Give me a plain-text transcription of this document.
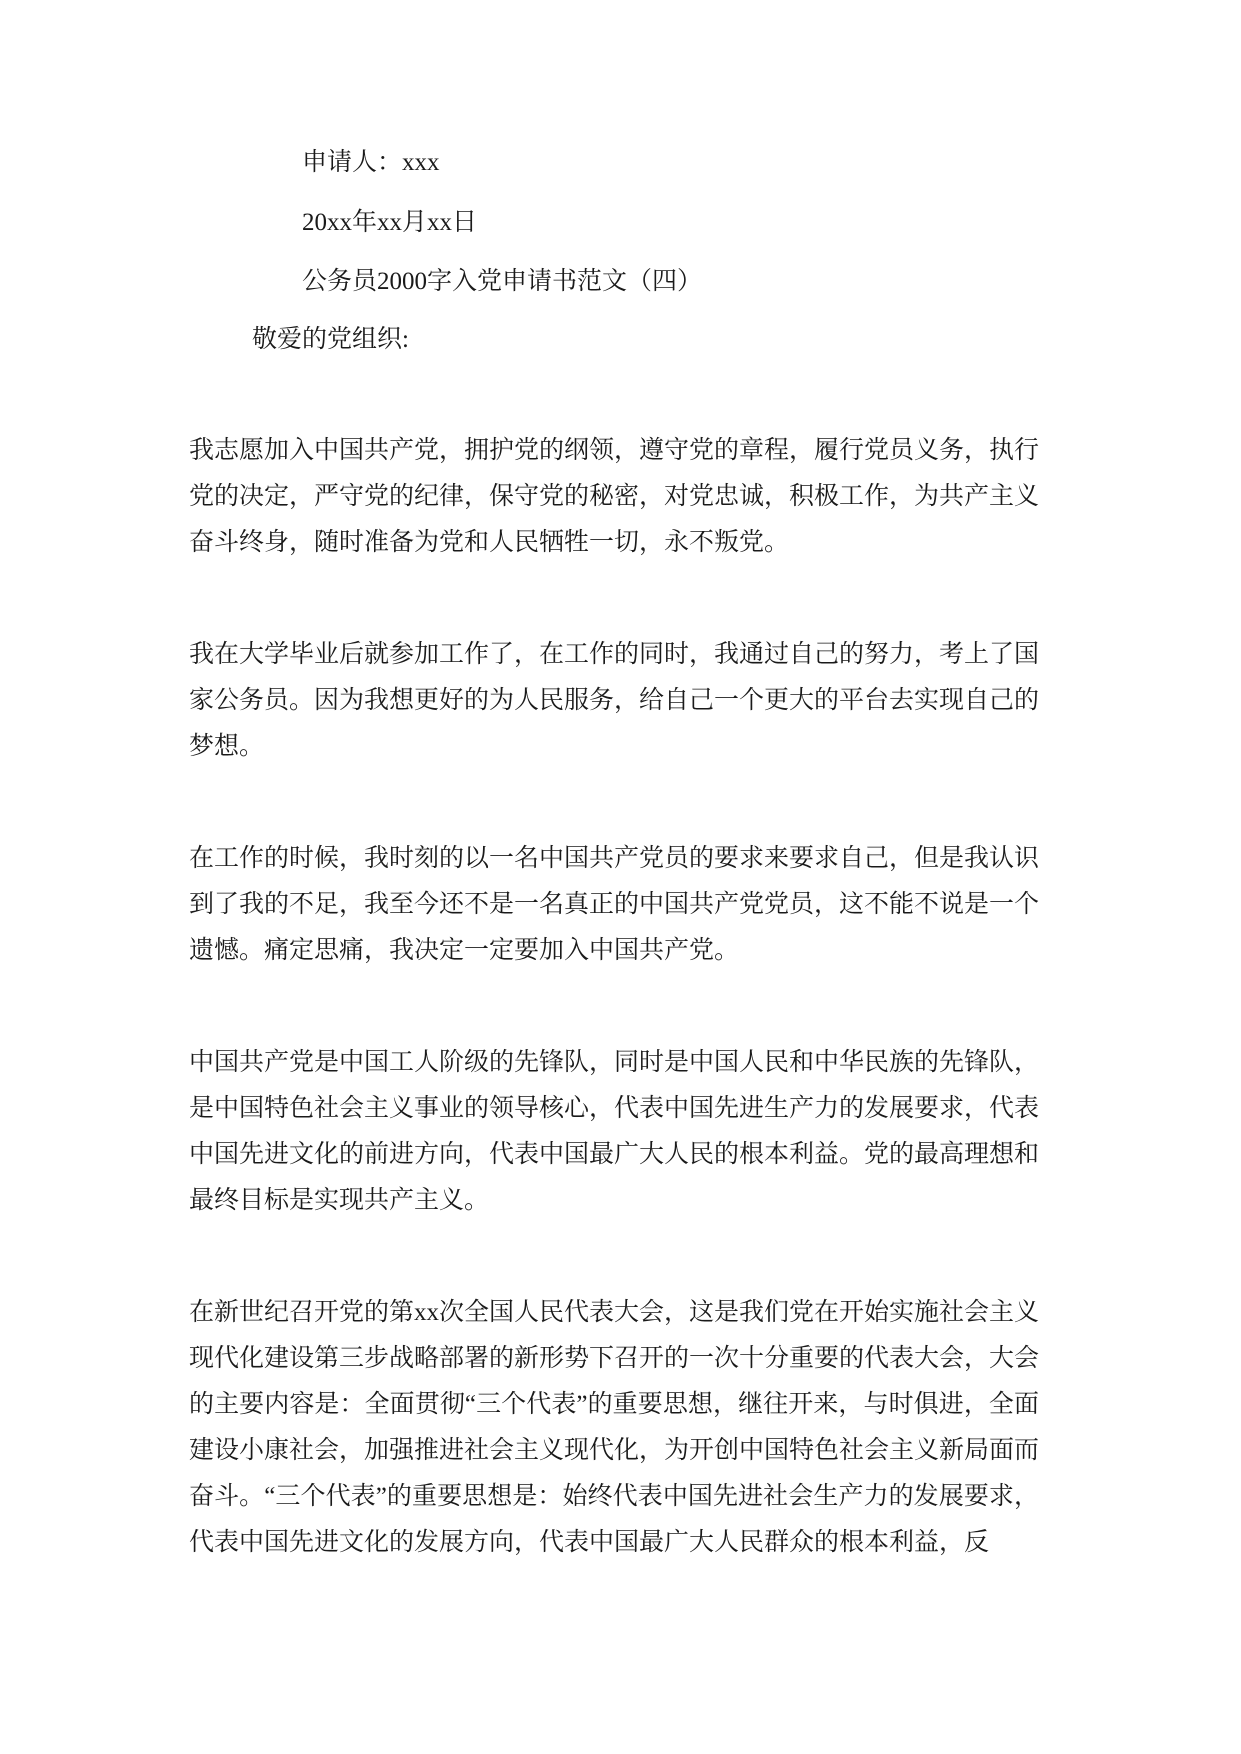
申请人：xxx

20xx年xx月xx日

公务员2000字入党申请书范文（四）

敬爱的党组织:

我志愿加入中国共产党，拥护党的纲领，遵守党的章程，履行党员义务，执行党的决定，严守党的纪律，保守党的秘密，对党忠诚，积极工作，为共产主义奋斗终身，随时准备为党和人民牺牲一切，永不叛党。

我在大学毕业后就参加工作了，在工作的同时，我通过自己的努力，考上了国家公务员。因为我想更好的为人民服务，给自己一个更大的平台去实现自己的梦想。

在工作的时候，我时刻的以一名中国共产党员的要求来要求自己，但是我认识到了我的不足，我至今还不是一名真正的中国共产党党员，这不能不说是一个遗憾。痛定思痛，我决定一定要加入中国共产党。

中国共产党是中国工人阶级的先锋队，同时是中国人民和中华民族的先锋队，是中国特色社会主义事业的领导核心，代表中国先进生产力的发展要求，代表中国先进文化的前进方向，代表中国最广大人民的根本利益。党的最高理想和最终目标是实现共产主义。

在新世纪召开党的第xx次全国人民代表大会，这是我们党在开始实施社会主义现代化建设第三步战略部署的新形势下召开的一次十分重要的代表大会，大会的主要内容是：全面贯彻“三个代表”的重要思想，继往开来，与时俱进，全面建设小康社会，加强推进社会主义现代化，为开创中国特色社会主义新局面而奋斗。“三个代表”的重要思想是：始终代表中国先进社会生产力的发展要求，代表中国先进文化的发展方向，代表中国最广大人民群众的根本利益，反
